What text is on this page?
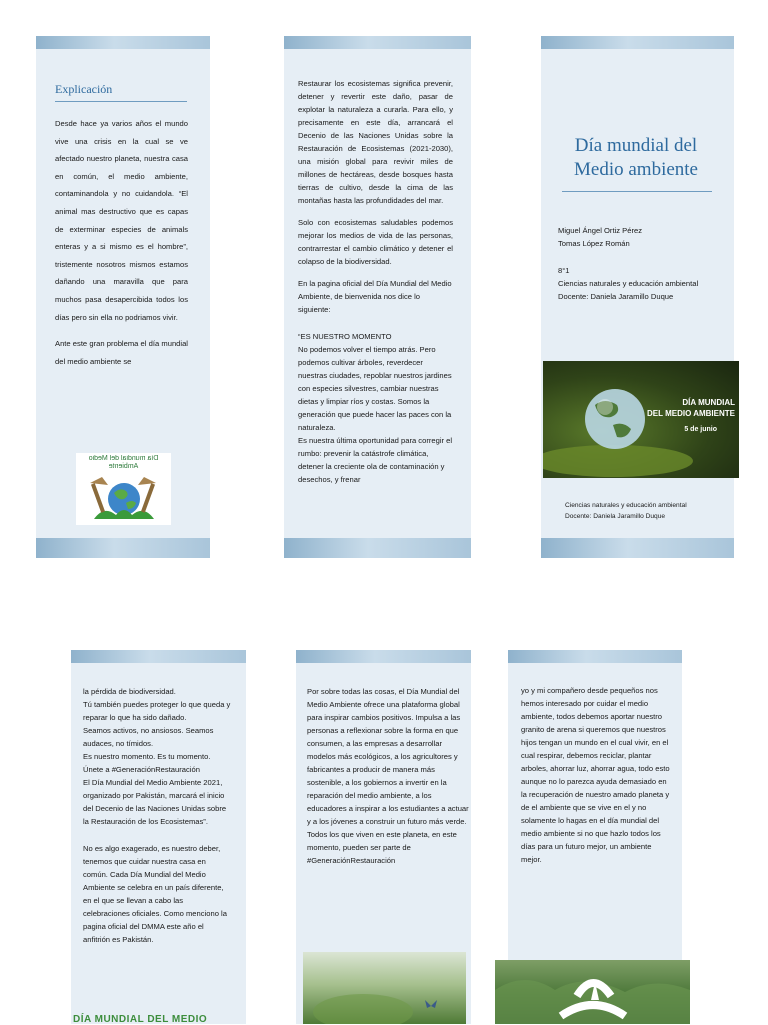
Explicación

Desde hace ya varios años el mundo vive una crisis en la cual se ve afectado nuestro planeta, nuestra casa en común, el medio ambiente, contaminandola y no cuidandola. “El animal mas destructivo que es capas de exterminar especies de animals enteras y a si mismo es el hombre”, tristemente nosotros mismos estamos dañando una maravilla que para muchos pasa desapercibida todos los días pero sin ella no podriamos vivir.

Ante este gran problema el día mundial del medio ambiente se

Día mundial del Medio Ambiente

Restaurar los ecosistemas significa prevenir, detener y revertir este daño, pasar de explotar la naturaleza a curarla. Para ello, y precisamente en este día, arrancará el Decenio de las Naciones Unidas sobre la Restauración de Ecosistemas (2021-2030), una misión global para revivir miles de millones de hectáreas, desde bosques hasta tierras de cultivo, desde la cima de las montañas hasta las profundidades del mar.

Solo con ecosistemas saludables podemos mejorar los medios de vida de las personas, contrarrestar el cambio climático y detener el colapso de la biodiversidad.

En la pagina oficial del Día Mundial del Medio Ambiente, de bienvenida nos dice lo siguiente:

“ES NUESTRO MOMENTO
No podemos volver el tiempo atrás. Pero podemos cultivar árboles, reverdecer nuestras ciudades, repoblar nuestros jardines con especies silvestres, cambiar nuestras dietas y limpiar ríos y costas. Somos la generación que puede hacer las paces con la naturaleza.
Es nuestra última oportunidad para corregir el rumbo: prevenir la catástrofe climática, detener la creciente ola de contaminación y desechos, y frenar

Día mundial del Medio ambiente
Miguel Ángel Ortiz Pérez
Tomas López Román
8°1
Ciencias naturales y educación ambiental
Docente: Daniela Jaramillo Duque
DÍA MUNDIAL
DEL MEDIO AMBIENTE
5 de junio
Ciencias naturales y educación ambiental
Docente: Daniela Jaramillo Duque

la pérdida de biodiversidad.
Tú también puedes proteger lo que queda y reparar lo que ha sido dañado.
Seamos activos, no ansiosos. Seamos audaces, no tímidos.
Es nuestro momento. Es tu momento.
Únete a #GeneraciónRestauración
El Día Mundial del Medio Ambiente 2021, organizado por Pakistán, marcará el inicio del Decenio de las Naciones Unidas sobre la Restauración de los Ecosistemas”.

No es algo exagerado, es nuestro deber, tenemos que cuidar nuestra casa en común. Cada Día Mundial del Medio Ambiente se celebra en un país diferente, en el que se llevan a cabo las celebraciones oficiales. Como menciono la pagina oficial del DMMA este año el anfitrión es Pakistán.

DÍA MUNDIAL DEL MEDIO
Por sobre todas las cosas, el Día Mundial del Medio Ambiente ofrece una plataforma global para inspirar cambios positivos. Impulsa a las personas a reflexionar sobre la forma en que consumen, a las empresas a desarrollar modelos más ecológicos, a los agricultores y fabricantes a producir de manera más sostenible, a los gobiernos a invertir en la reparación del medio ambiente, a los educadores a inspirar a los estudiantes a actuar y a los jóvenes a construir un futuro más verde.
Todos los que viven en este planeta, en este momento, pueden ser parte de #GeneraciónRestauración
yo y mi compañero desde pequeños nos hemos interesado por cuidar el medio ambiente, todos debemos aportar nuestro granito de arena si queremos que nuestros hijos tengan un mundo en el cual vivir, en el cual respirar, debemos reciclar, plantar arboles, ahorrar luz, ahorrar agua, todo esto aunque no lo parezca ayuda demasiado en la recuperación de nuestro amado planeta y de el ambiente que se vive en el y no solamente lo hagas en el día mundial del medio ambiente si no que hazlo todos los días para un futuro mejor, un ambiente mejor.
